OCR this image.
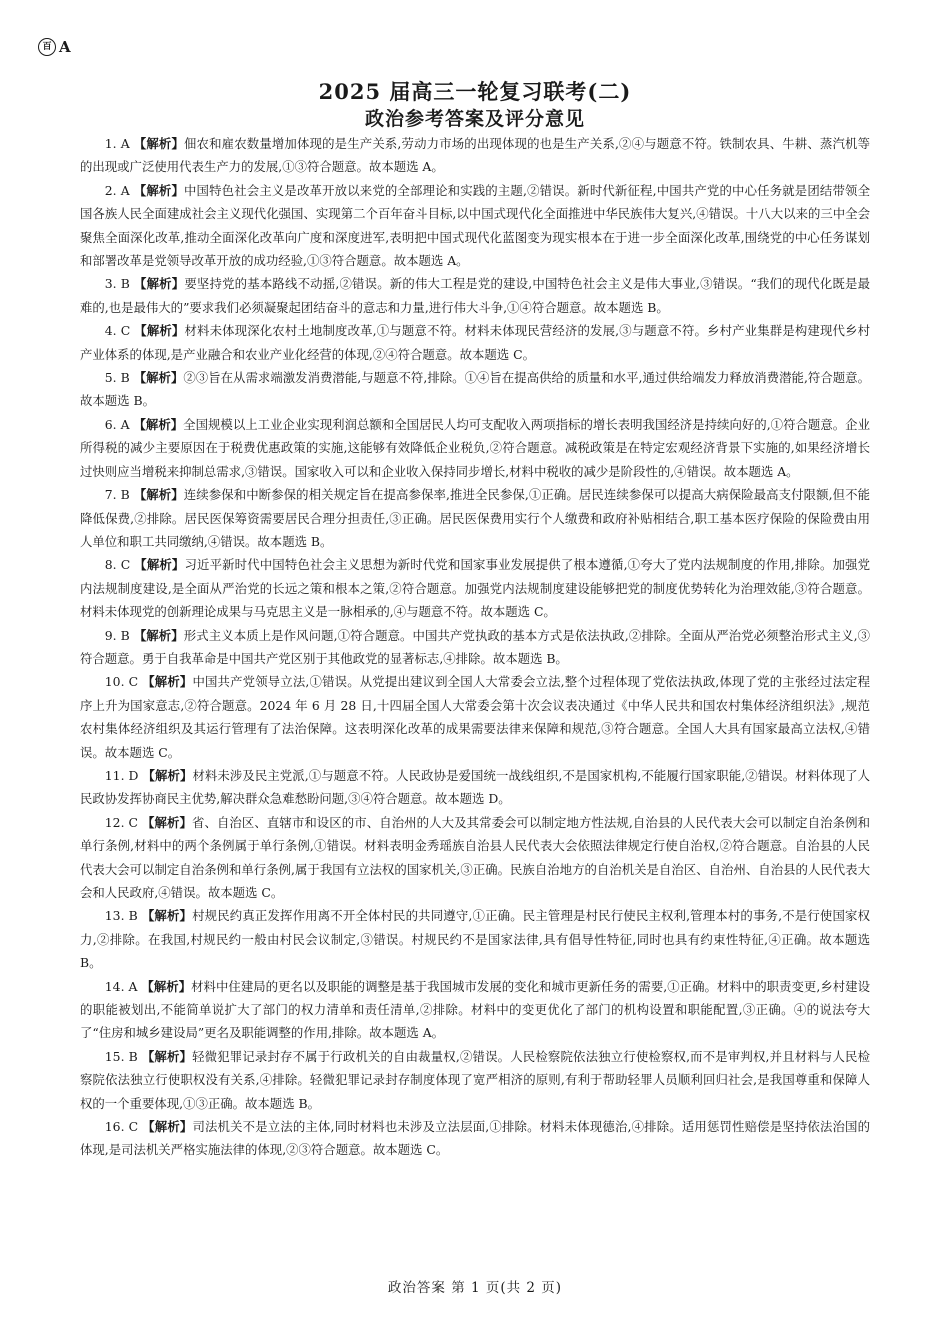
百 A
2025 届高三一轮复习联考(二)
政治参考答案及评分意见

1. A 【解析】佃农和雇农数量增加体现的是生产关系,劳动力市场的出现体现的也是生产关系,②④与题意不符。铁制农具、牛耕、蒸汽机等的出现或广泛使用代表生产力的发展,①③符合题意。故本题选 A。

2. A 【解析】中国特色社会主义是改革开放以来党的全部理论和实践的主题,②错误。新时代新征程,中国共产党的中心任务就是团结带领全国各族人民全面建成社会主义现代化强国、实现第二个百年奋斗目标,以中国式现代化全面推进中华民族伟大复兴,④错误。十八大以来的三中全会聚焦全面深化改革,推动全面深化改革向广度和深度进军,表明把中国式现代化蓝图变为现实根本在于进一步全面深化改革,围绕党的中心任务谋划和部署改革是党领导改革开放的成功经验,①③符合题意。故本题选 A。

3. B 【解析】要坚持党的基本路线不动摇,②错误。新的伟大工程是党的建设,中国特色社会主义是伟大事业,③错误。“我们的现代化既是最难的,也是最伟大的”要求我们必须凝聚起团结奋斗的意志和力量,进行伟大斗争,①④符合题意。故本题选 B。

4. C 【解析】材料未体现深化农村土地制度改革,①与题意不符。材料未体现民营经济的发展,③与题意不符。乡村产业集群是构建现代乡村产业体系的体现,是产业融合和农业产业化经营的体现,②④符合题意。故本题选 C。

5. B 【解析】②③旨在从需求端激发消费潜能,与题意不符,排除。①④旨在提高供给的质量和水平,通过供给端发力释放消费潜能,符合题意。故本题选 B。

6. A 【解析】全国规模以上工业企业实现利润总额和全国居民人均可支配收入两项指标的增长表明我国经济是持续向好的,①符合题意。企业所得税的减少主要原因在于税费优惠政策的实施,这能够有效降低企业税负,②符合题意。减税政策是在特定宏观经济背景下实施的,如果经济增长过快则应当增税来抑制总需求,③错误。国家收入可以和企业收入保持同步增长,材料中税收的减少是阶段性的,④错误。故本题选 A。

7. B 【解析】连续参保和中断参保的相关规定旨在提高参保率,推进全民参保,①正确。居民连续参保可以提高大病保险最高支付限额,但不能降低保费,②排除。居民医保筹资需要居民合理分担责任,③正确。居民医保费用实行个人缴费和政府补贴相结合,职工基本医疗保险的保险费由用人单位和职工共同缴纳,④错误。故本题选 B。

8. C 【解析】习近平新时代中国特色社会主义思想为新时代党和国家事业发展提供了根本遵循,①夸大了党内法规制度的作用,排除。加强党内法规制度建设,是全面从严治党的长远之策和根本之策,②符合题意。加强党内法规制度建设能够把党的制度优势转化为治理效能,③符合题意。材料未体现党的创新理论成果与马克思主义是一脉相承的,④与题意不符。故本题选 C。

9. B 【解析】形式主义本质上是作风问题,①符合题意。中国共产党执政的基本方式是依法执政,②排除。全面从严治党必须整治形式主义,③符合题意。勇于自我革命是中国共产党区别于其他政党的显著标志,④排除。故本题选 B。

10. C 【解析】中国共产党领导立法,①错误。从党提出建议到全国人大常委会立法,整个过程体现了党依法执政,体现了党的主张经过法定程序上升为国家意志,②符合题意。2024 年 6 月 28 日,十四届全国人大常委会第十次会议表决通过《中华人民共和国农村集体经济组织法》,规范农村集体经济组织及其运行管理有了法治保障。这表明深化改革的成果需要法律来保障和规范,③符合题意。全国人大具有国家最高立法权,④错误。故本题选 C。

11. D 【解析】材料未涉及民主党派,①与题意不符。人民政协是爱国统一战线组织,不是国家机构,不能履行国家职能,②错误。材料体现了人民政协发挥协商民主优势,解决群众急难愁盼问题,③④符合题意。故本题选 D。

12. C 【解析】省、自治区、直辖市和设区的市、自治州的人大及其常委会可以制定地方性法规,自治县的人民代表大会可以制定自治条例和单行条例,材料中的两个条例属于单行条例,①错误。材料表明金秀瑶族自治县人民代表大会依照法律规定行使自治权,②符合题意。自治县的人民代表大会可以制定自治条例和单行条例,属于我国有立法权的国家机关,③正确。民族自治地方的自治机关是自治区、自治州、自治县的人民代表大会和人民政府,④错误。故本题选 C。

13. B 【解析】村规民约真正发挥作用离不开全体村民的共同遵守,①正确。民主管理是村民行使民主权利,管理本村的事务,不是行使国家权力,②排除。在我国,村规民约一般由村民会议制定,③错误。村规民约不是国家法律,具有倡导性特征,同时也具有约束性特征,④正确。故本题选 B。

14. A 【解析】材料中住建局的更名以及职能的调整是基于我国城市发展的变化和城市更新任务的需要,①正确。材料中的职责变更,乡村建设的职能被划出,不能简单说扩大了部门的权力清单和责任清单,②排除。材料中的变更优化了部门的机构设置和职能配置,③正确。④的说法夸大了“住房和城乡建设局”更名及职能调整的作用,排除。故本题选 A。

15. B 【解析】轻微犯罪记录封存不属于行政机关的自由裁量权,②错误。人民检察院依法独立行使检察权,而不是审判权,并且材料与人民检察院依法独立行使职权没有关系,④排除。轻微犯罪记录封存制度体现了宽严相济的原则,有利于帮助轻罪人员顺利回归社会,是我国尊重和保障人权的一个重要体现,①③正确。故本题选 B。

16. C 【解析】司法机关不是立法的主体,同时材料也未涉及立法层面,①排除。材料未体现德治,④排除。适用惩罚性赔偿是坚持依法治国的体现,是司法机关严格实施法律的体现,②③符合题意。故本题选 C。

政治答案 第 1 页(共 2 页)
